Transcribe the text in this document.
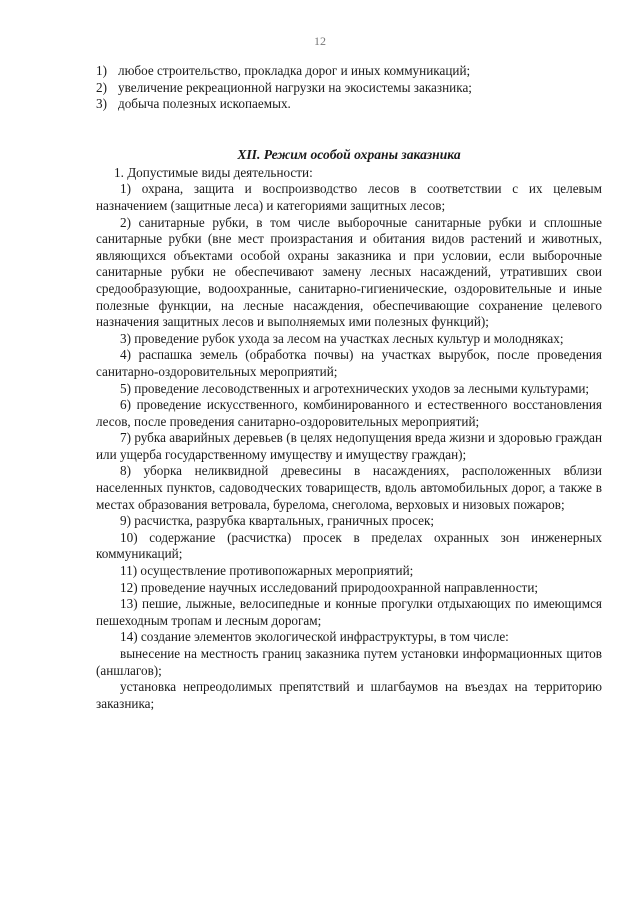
12

1) любое строительство, прокладка дорог и иных коммуникаций;

2) увеличение рекреационной нагрузки на экосистемы заказника;

3) добыча полезных ископаемых.

XII. Режим особой охраны заказника

1. Допустимые виды деятельности:

1) охрана, защита и воспроизводство лесов в соответствии с их целевым назначением (защитные леса) и категориями защитных лесов;

2) санитарные рубки, в том числе выборочные санитарные рубки и сплошные санитарные рубки (вне мест произрастания и обитания видов растений и животных, являющихся объектами особой охраны заказника и при условии, если выборочные санитарные рубки не обеспечивают замену лесных насаждений, утративших свои средообразующие, водоохранные, санитарно-гигиенические, оздоровительные и иные полезные функции, на лесные насаждения, обеспечивающие сохранение целевого назначения защитных лесов и выполняемых ими полезных функций);

3) проведение рубок ухода за лесом на участках лесных культур и молодняках;

4) распашка земель (обработка почвы) на участках вырубок, после проведения санитарно-оздоровительных мероприятий;

5) проведение лесоводственных и агротехнических уходов за лесными культурами;

6) проведение искусственного, комбинированного и естественного восстановления лесов, после проведения санитарно-оздоровительных мероприятий;

7) рубка аварийных деревьев (в целях недопущения вреда жизни и здоровью граждан или ущерба государственному имуществу и имуществу граждан);

8) уборка неликвидной древесины в насаждениях, расположенных вблизи населенных пунктов, садоводческих товариществ, вдоль автомобильных дорог, а также в местах образования ветровала, бурелома, снеголома, верховых и низовых пожаров;

9) расчистка, разрубка квартальных, граничных просек;

10) содержание (расчистка) просек в пределах охранных зон инженерных коммуникаций;

11) осуществление противопожарных мероприятий;

12) проведение научных исследований природоохранной направленности;

13) пешие, лыжные, велосипедные и конные прогулки отдыхающих по имеющимся пешеходным тропам и лесным дорогам;

14) создание элементов экологической инфраструктуры, в том числе:

вынесение на местность границ заказника путем установки информационных щитов (аншлагов);

установка непреодолимых препятствий и шлагбаумов на въездах на территорию заказника;
